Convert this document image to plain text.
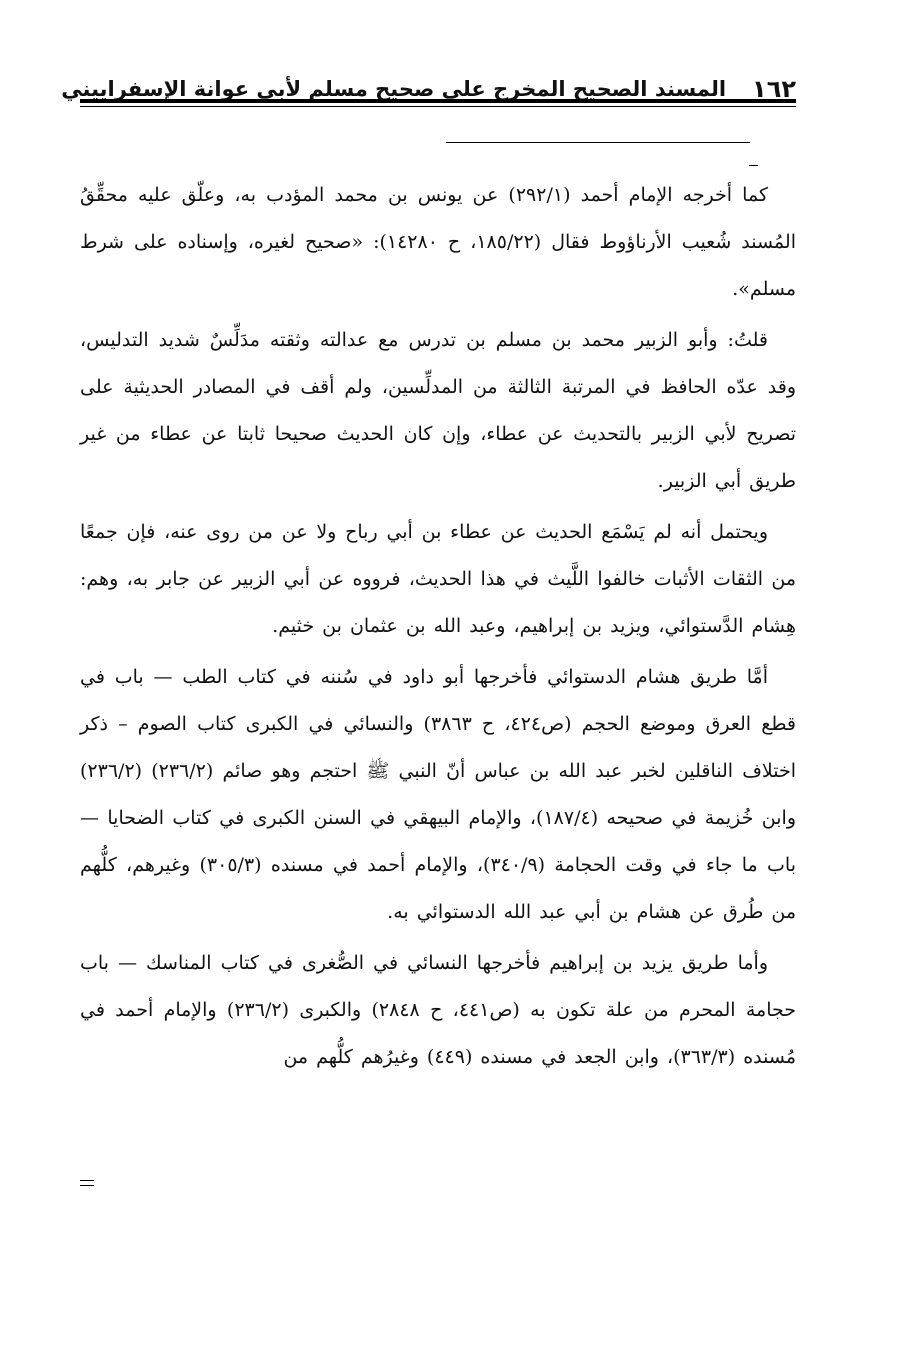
١٦٢
المسند الصحيح المخرج على صحيح مسلم لأبي عوانة الإسفراييني

كما أخرجه الإمام أحمد (٢٩٢/١) عن يونس بن محمد المؤدب به، وعلّق عليه محقِّقُ المُسند شُعيب الأرناؤوط فقال (١٨٥/٢٢، ح ١٤٢٨٠): «صحيح لغيره، وإسناده على شرط مسلم».

قلتُ: وأبو الزبير محمد بن مسلم بن تدرس مع عدالته وثقته مدَلِّسٌ شديد التدليس، وقد عدّه الحافظ في المرتبة الثالثة من المدلِّسين، ولم أقف في المصادر الحديثية على تصريح لأبي الزبير بالتحديث عن عطاء، وإن كان الحديث صحيحا ثابتا عن عطاء من غير طريق أبي الزبير.

ويحتمل أنه لم يَسْمَع الحديث عن عطاء بن أبي رباح ولا عن من روى عنه، فإن جمعًا من الثقات الأثبات خالفوا اللَّيث في هذا الحديث، فرووه عن أبي الزبير عن جابر به، وهم: هِشام الدَّستوائي، ويزيد بن إبراهيم، وعبد الله بن عثمان بن خثيم.

أمَّا طريق هشام الدستوائي فأخرجها أبو داود في سُننه في كتاب الطب — باب في قطع العرق وموضع الحجم (ص٤٢٤، ح ٣٨٦٣) والنسائي في الكبرى كتاب الصوم – ذكر اختلاف الناقلين لخبر عبد الله بن عباس أنّ النبي ﷺ احتجم وهو صائم (٢٣٦/٢) (٢٣٦/٢) وابن خُزيمة في صحيحه (١٨٧/٤)، والإمام البيهقي في السنن الكبرى في كتاب الضحايا — باب ما جاء في وقت الحجامة (٣٤٠/٩)، والإمام أحمد في مسنده (٣٠٥/٣) وغيرهم، كلُّهم من طُرق عن هشام بن أبي عبد الله الدستوائي به.

وأما طريق يزيد بن إبراهيم فأخرجها النسائي في الصُّغرى في كتاب المناسك — باب حجامة المحرم من علة تكون به (ص٤٤١، ح ٢٨٤٨) والكبرى (٢٣٦/٢) والإمام أحمد في مُسنده (٣٦٣/٣)، وابن الجعد في مسنده (٤٤٩) وغيرُهم كلُّهم من
